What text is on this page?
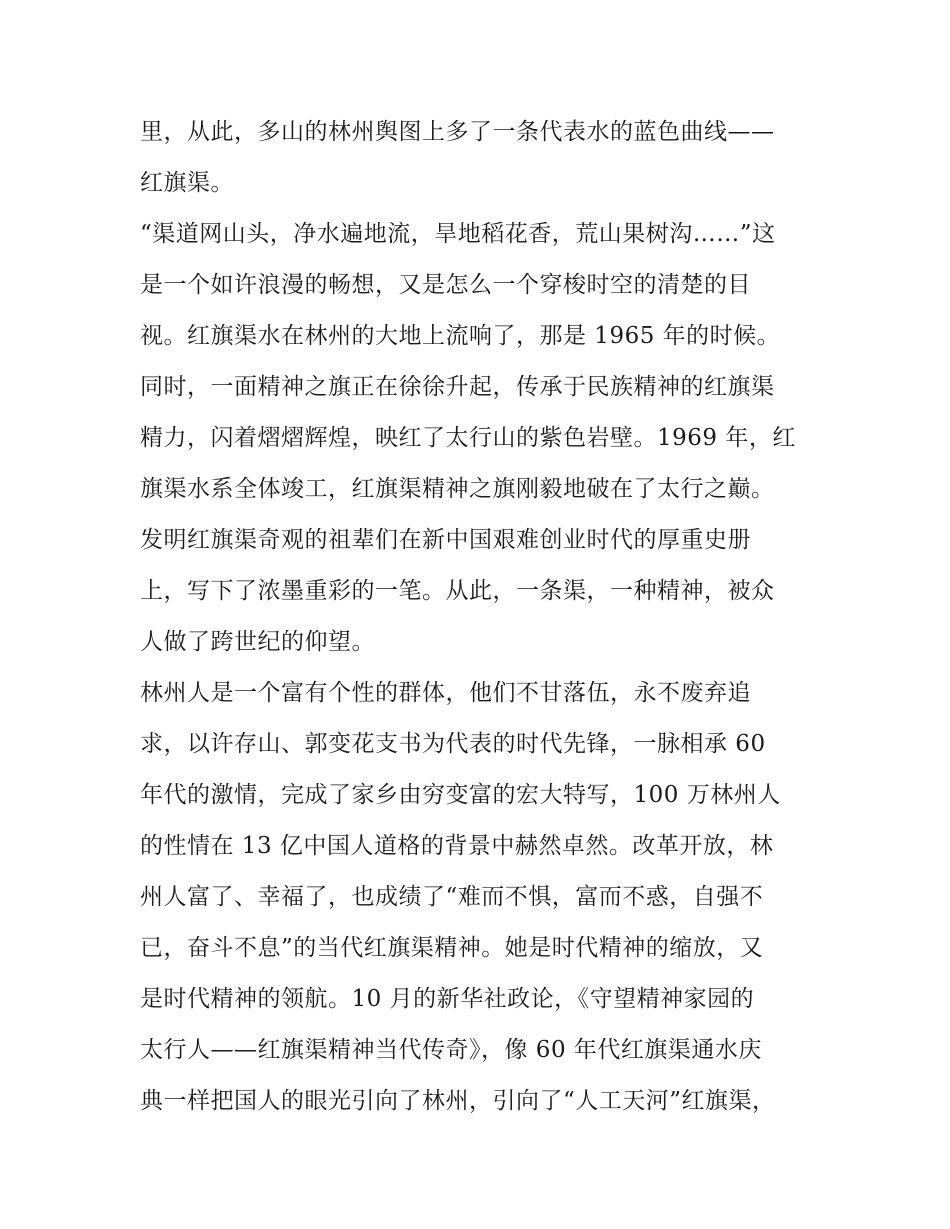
里，从此，多山的林州舆图上多了一条代表水的蓝色曲线——
红旗渠。
“渠道网山头，净水遍地流，旱地稻花香，荒山果树沟……”这
是一个如许浪漫的畅想，又是怎么一个穿梭时空的清楚的目
视。红旗渠水在林州的大地上流响了，那是 1965 年的时候。
同时，一面精神之旗正在徐徐升起，传承于民族精神的红旗渠
精力，闪着熠熠辉煌，映红了太行山的紫色岩壁。1969 年，红
旗渠水系全体竣工，红旗渠精神之旗刚毅地破在了太行之巅。
发明红旗渠奇观的祖辈们在新中国艰难创业时代的厚重史册
上，写下了浓墨重彩的一笔。从此，一条渠，一种精神，被众
人做了跨世纪的仰望。
林州人是一个富有个性的群体，他们不甘落伍，永不废弃追
求，以许存山、郭变花支书为代表的时代先锋，一脉相承 60
年代的激情，完成了家乡由穷变富的宏大特写，100 万林州人
的性情在 13 亿中国人道格的背景中赫然卓然。改革开放，林
州人富了、幸福了，也成绩了“难而不惧，富而不惑，自强不
已，奋斗不息”的当代红旗渠精神。她是时代精神的缩放，又
是时代精神的领航。10 月的新华社政论，《守望精神家园的
太行人——红旗渠精神当代传奇》，像 60 年代红旗渠通水庆
典一样把国人的眼光引向了林州，引向了“人工天河”红旗渠，
